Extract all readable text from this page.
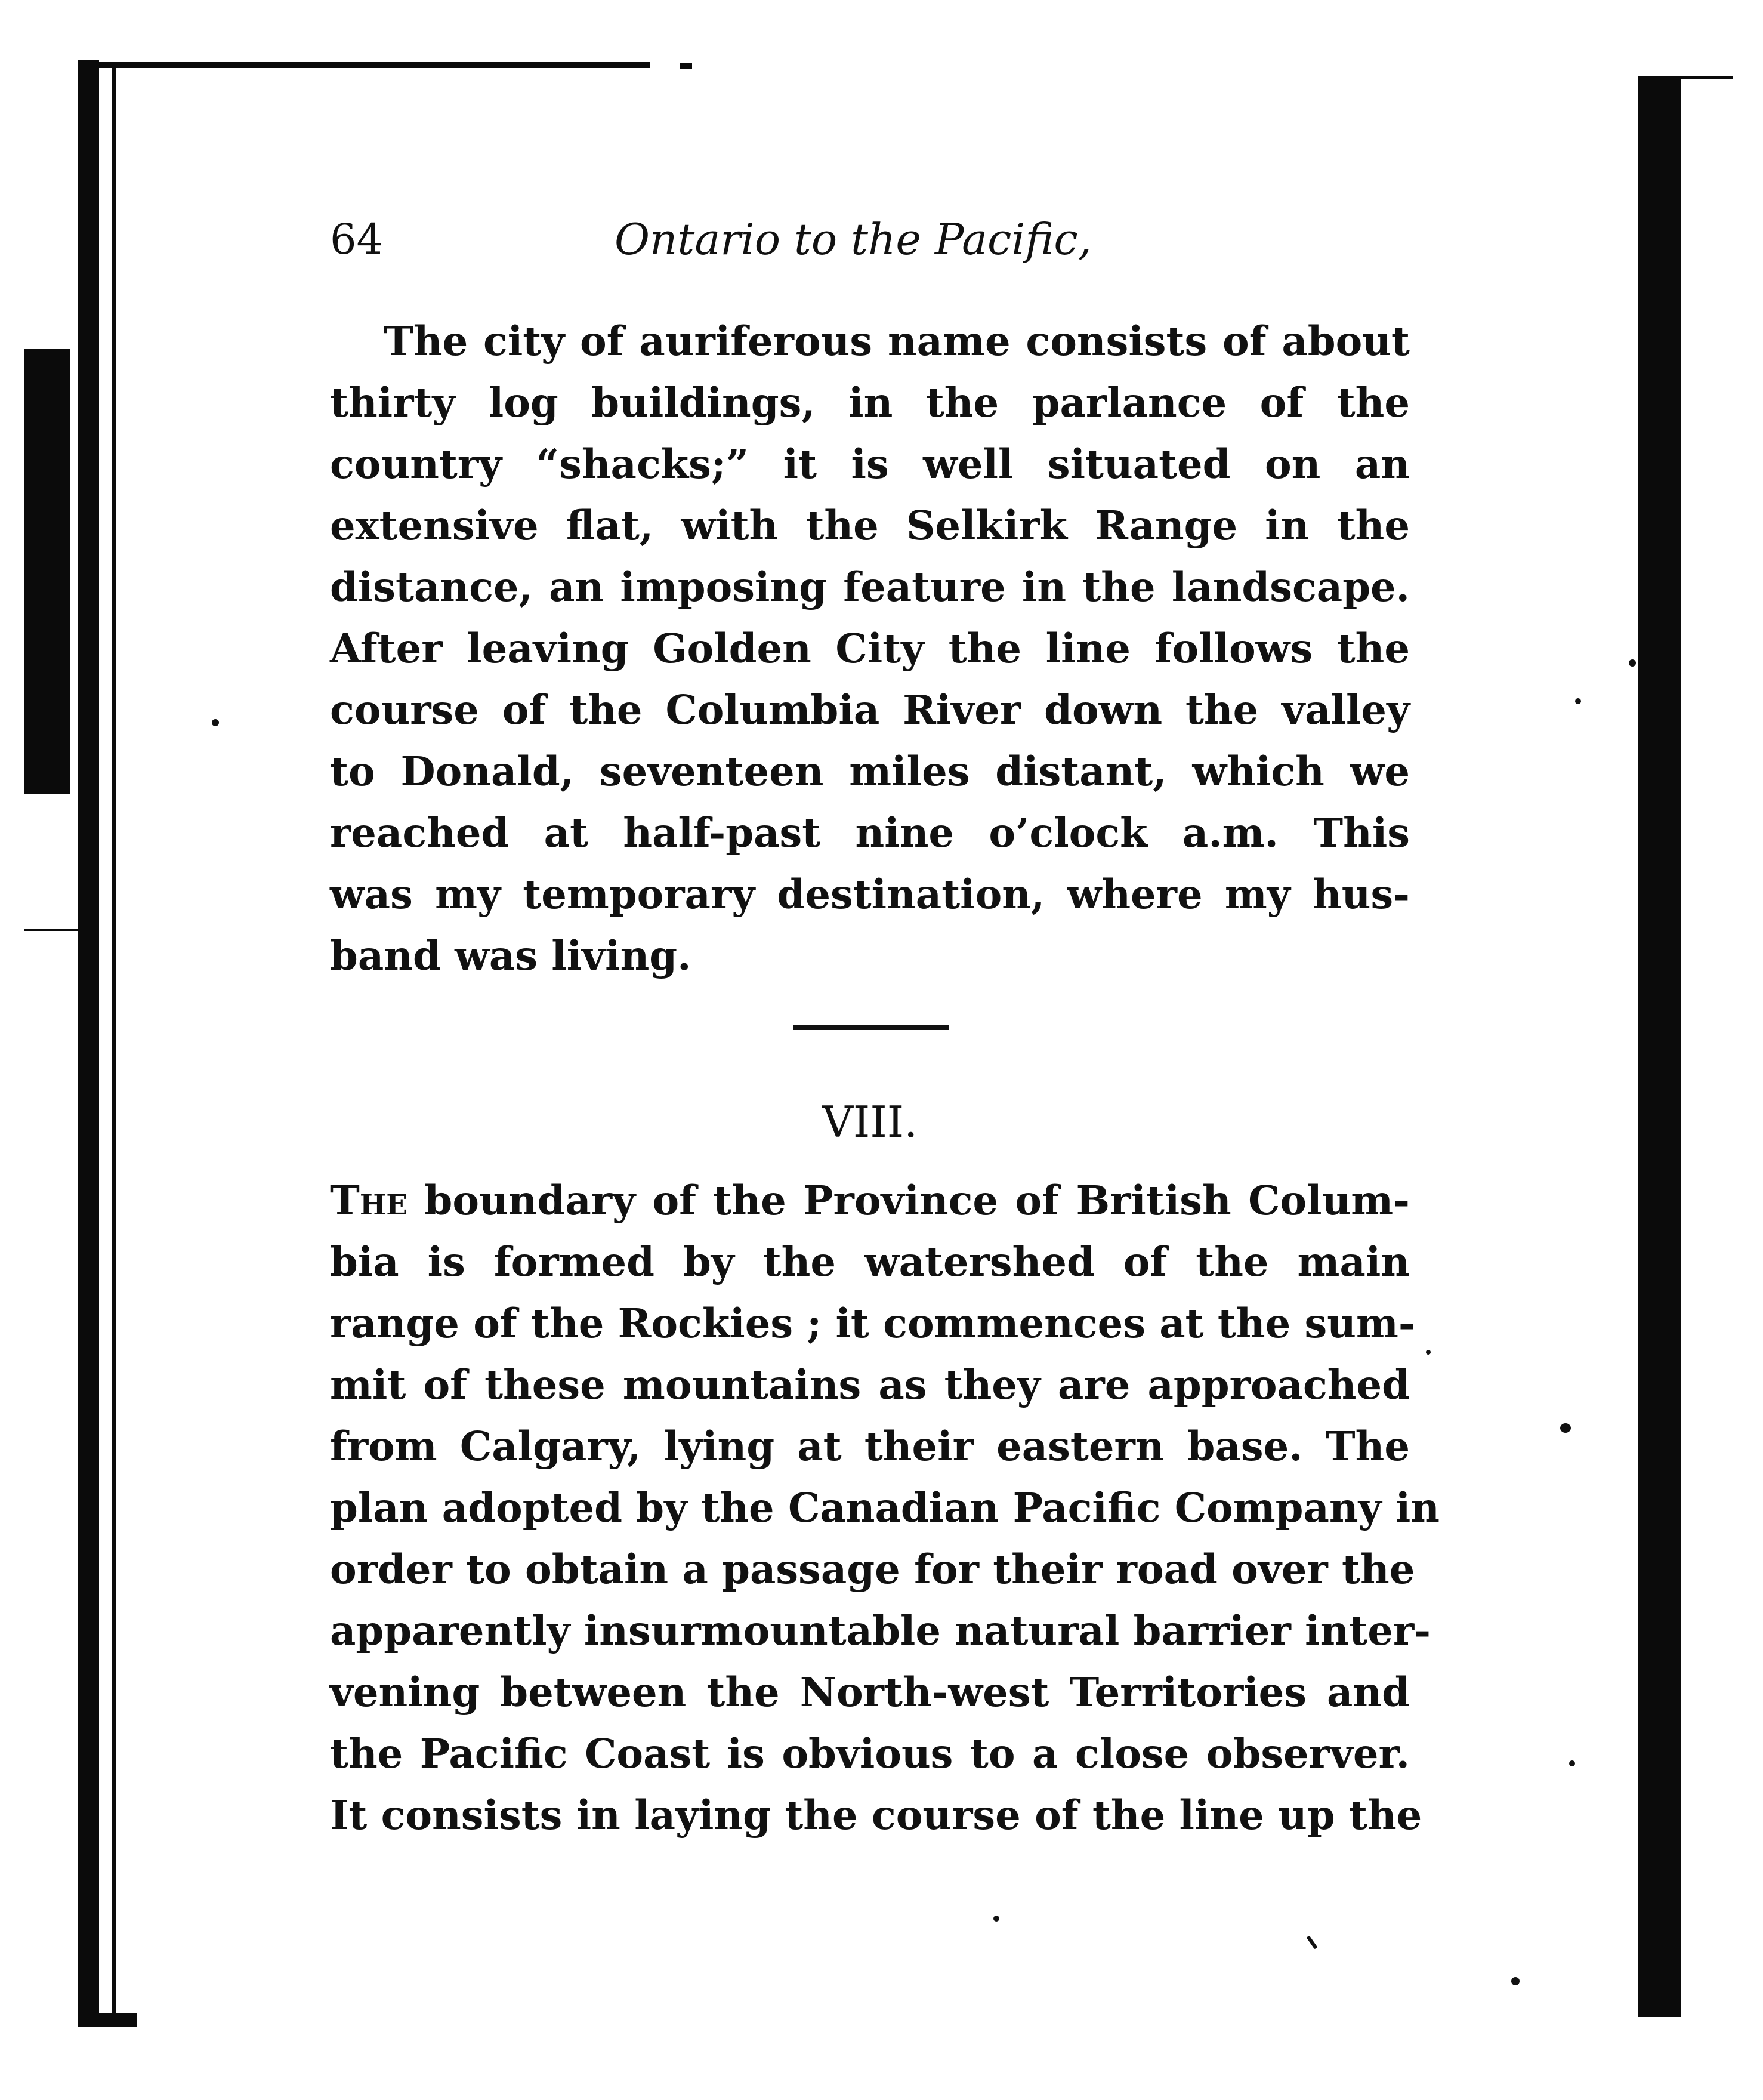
64	Ontario to the Pacific,
The city of auriferous name consists of about
thirty log buildings, in the parlance of the
country “shacks;” it is well situated on an
extensive flat, with the Selkirk Range in the
distance, an imposing feature in the landscape.
After leaving Golden City the line follows the
course of the Columbia River down the valley
to Donald, seventeen miles distant, which we
reached at half-past nine o’clock a.m. This
was my temporary destination, where my hus-
band was living.
VIII.
The boundary of the Province of British Colum-
bia is formed by the watershed of the main
range of the Rockies ; it commences at the sum-
mit of these mountains as they are approached
from Calgary, lying at their eastern base. The
plan adopted by the Canadian Pacific Company in
order to obtain a passage for their road over the
apparently insurmountable natural barrier inter-
vening between the North-west Territories and
the Pacific Coast is obvious to a close observer.
It consists in laying the course of the line up the
